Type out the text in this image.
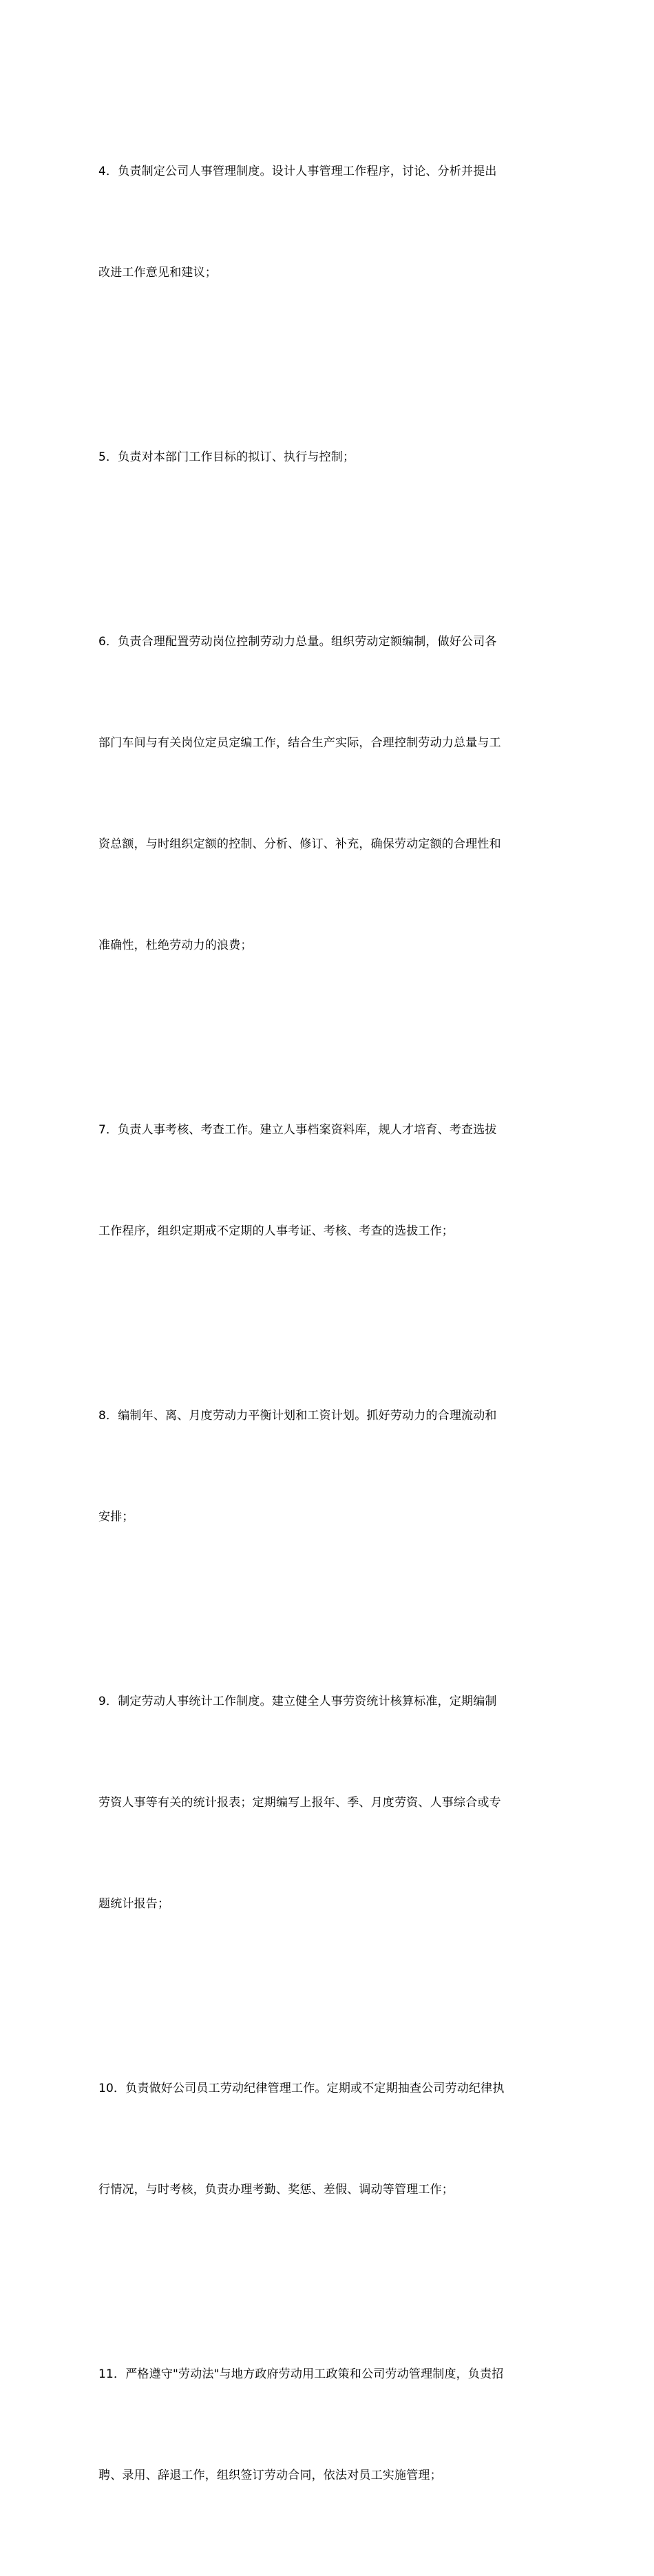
4．负责制定公司人事管理制度。设计人事管理工作程序，讨论、分析并提出

改进工作意见和建议；

5．负责对本部门工作目标的拟订、执行与控制；

6．负责合理配置劳动岗位控制劳动力总量。组织劳动定额编制，做好公司各

部门车间与有关岗位定员定编工作，结合生产实际，合理控制劳动力总量与工

资总额，与时组织定额的控制、分析、修订、补充，确保劳动定额的合理性和

准确性，杜绝劳动力的浪费；

7．负责人事考核、考查工作。建立人事档案资料库，规人才培育、考查选拔

工作程序，组织定期戒不定期的人事考证、考核、考查的选拔工作；

8．编制年、离、月度劳动力平衡计划和工资计划。抓好劳动力的合理流动和

安排；

9．制定劳动人事统计工作制度。建立健全人事劳资统计核算标准，定期编制

劳资人事等有关的统计报表；定期编写上报年、季、月度劳资、人事综合或专

题统计报告；

10．负责做好公司员工劳动纪律管理工作。定期或不定期抽查公司劳动纪律执

行情况，与时考核，负责办理考勤、奖惩、差假、调动等管理工作；

11．严格遵守"劳动法"与地方政府劳动用工政策和公司劳动管理制度，负责招

聘、录用、辞退工作，组织签订劳动合同，依法对员工实施管理；
